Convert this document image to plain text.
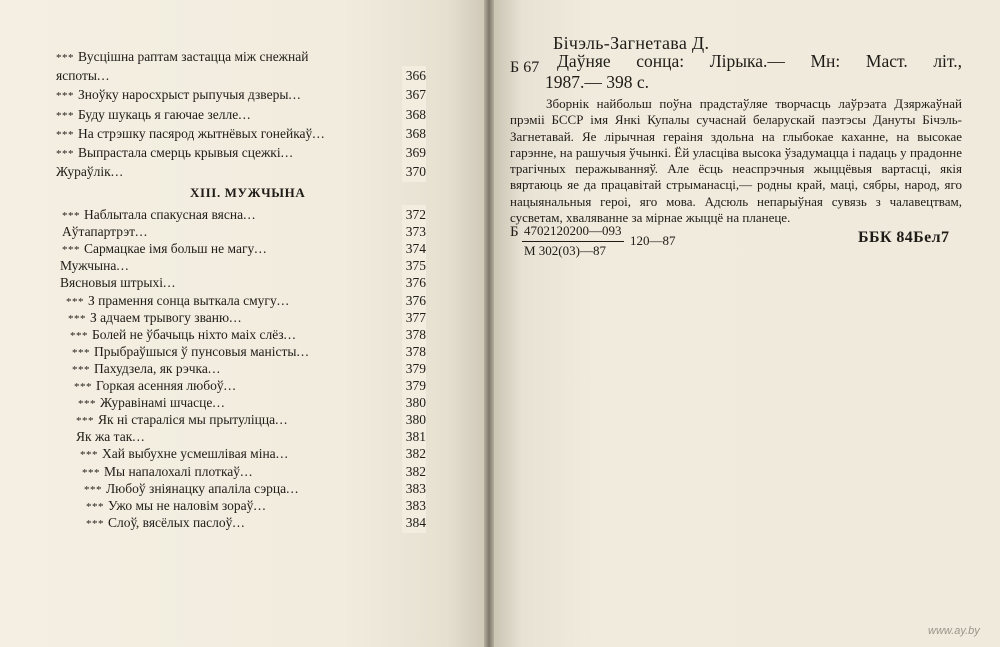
*** Вусцішна раптам застацца між снежнай
яспоты...	366
*** Зноўку наросхрыст рыпучыя дзверы...	367
*** Буду шукаць я гаючае зелле...	368
*** На стрэшку пасярод жытнёвых гонейкаў...	368
*** Выпрастала смерць крывыя сцежкі...	369
Жураўлік...	370
XIII. МУЖЧЫНА
*** Наблытала спакусная вясна...	372
Аўтапартрэт...	373
*** Сармацкае імя больш не магу...	374
Мужчына...	375
Вясновыя штрыхі...	376
*** З прамення сонца выткала смугу...	376
*** З адчаем трывогу званю...	377
*** Болей не ўбачыць ніхто маіх слёз...	378
*** Прыбраўшыся ў пунсовыя маністы...	378
*** Пахудзела, як рэчка...	379
*** Горкая асенняя любоў...	379
*** Жуpавінамі шчасце...	380
*** Як ні стараліся мы прытуліцца...	380
Як жа так...	381
*** Хай выбухне усмешлівая міна...	382
*** Мы напалохалі плоткаў...	382
*** Любоў зніянацку апаліла сэрца...	383
*** Ужо мы не наловім зораў...	383
*** Слоў, вясёлых паслоў...	384
Бічэль-Загнетава Д.
Б 67 Даўняе сонца: Лірыка.— Мн: Маст. літ.,
1987.— 398 с.
Зборнік найбольш поўна прадстаўляе творчасць лаўрэата Дзяржаўнай прэміі БССР імя Янкі Купалы сучаснай беларускай паэтэсы Дануты Бічэль-Загнетавай. Яе лірычная гераіня здольна на глыбокае каханне, на высокае гарэнне, на рашучыя ўчынкі. Ёй уласціва высока ўзадумацца і падаць у прадонне трагічных перажыванняў. Але ёсць неаспрэчныя жыццёвыя вартасці, якія вяртаюць яе да працавітай стрыманасці,— родны край, маці, сябры, народ, яго нацыянальныя героі, яго мова. Адсюль непарыўная сувязь з чалавецтвам, сусветам, хваляванне за мірнае жыццё на планеце.
Б 4702120200—093
М 302(03)—87
120—87	ББК 84Бел7
www.ay.by
